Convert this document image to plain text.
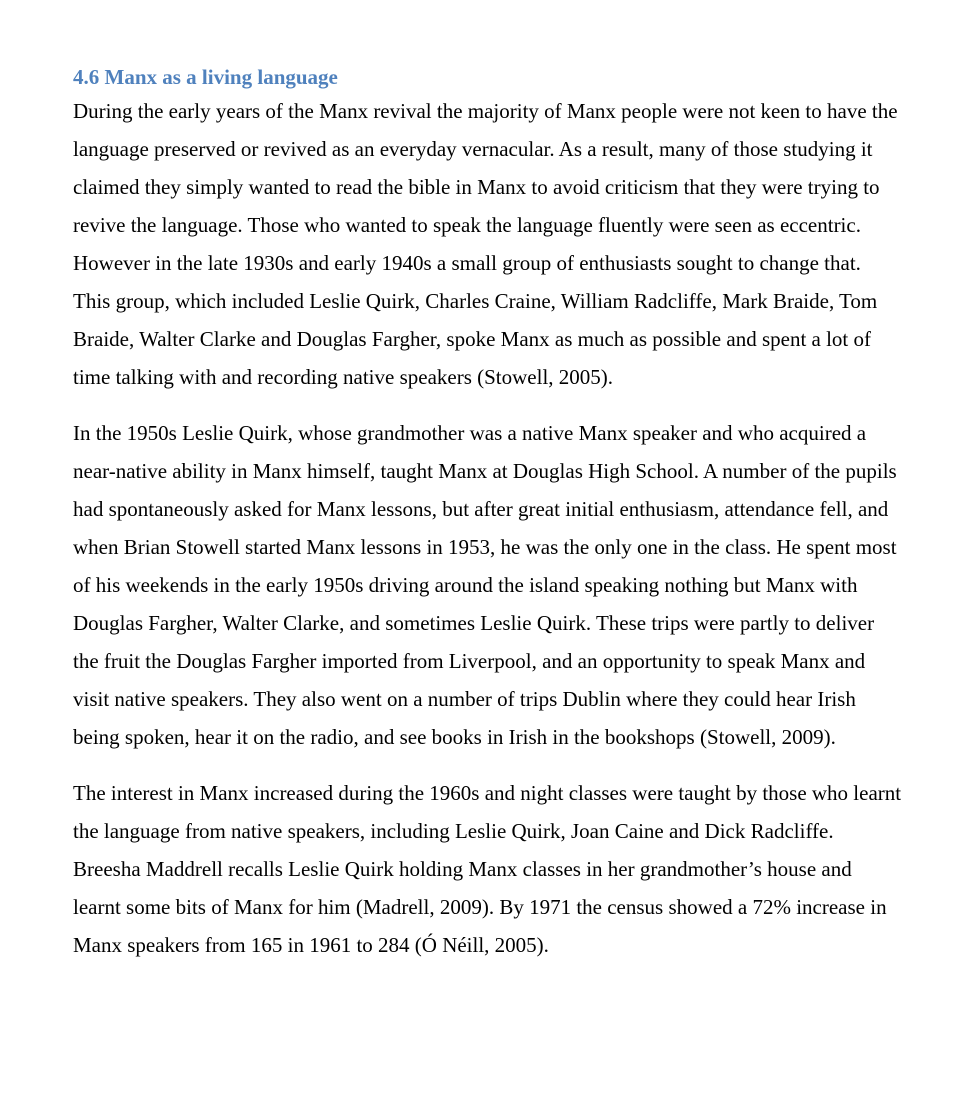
4.6 Manx as a living language

During the early years of the Manx revival the majority of Manx people were not keen to have the language preserved or revived as an everyday vernacular. As a result, many of those studying it claimed they simply wanted to read the bible in Manx to avoid criticism that they were trying to revive the language. Those who wanted to speak the language fluently were seen as eccentric. However in the late 1930s and early 1940s a small group of enthusiasts sought to change that. This group, which included Leslie Quirk, Charles Craine, William Radcliffe, Mark Braide, Tom Braide, Walter Clarke and Douglas Fargher, spoke Manx as much as possible and spent a lot of time talking with and recording native speakers (Stowell, 2005).

In the 1950s Leslie Quirk, whose grandmother was a native Manx speaker and who acquired a near-native ability in Manx himself, taught Manx at Douglas High School. A number of the pupils had spontaneously asked for Manx lessons, but after great initial enthusiasm, attendance fell, and when Brian Stowell started Manx lessons in 1953, he was the only one in the class. He spent most of his weekends in the early 1950s driving around the island speaking nothing but Manx with Douglas Fargher, Walter Clarke, and sometimes Leslie Quirk. These trips were partly to deliver the fruit the Douglas Fargher imported from Liverpool, and an opportunity to speak Manx and visit native speakers. They also went on a number of trips Dublin where they could hear Irish being spoken, hear it on the radio, and see books in Irish in the bookshops (Stowell, 2009).

The interest in Manx increased during the 1960s and night classes were taught by those who learnt the language from native speakers, including Leslie Quirk, Joan Caine and Dick Radcliffe. Breesha Maddrell recalls Leslie Quirk holding Manx classes in her grandmother’s house and learnt some bits of Manx for him (Madrell, 2009). By 1971 the census showed a 72% increase in Manx speakers from 165 in 1961 to 284 (Ó Néill, 2005).
